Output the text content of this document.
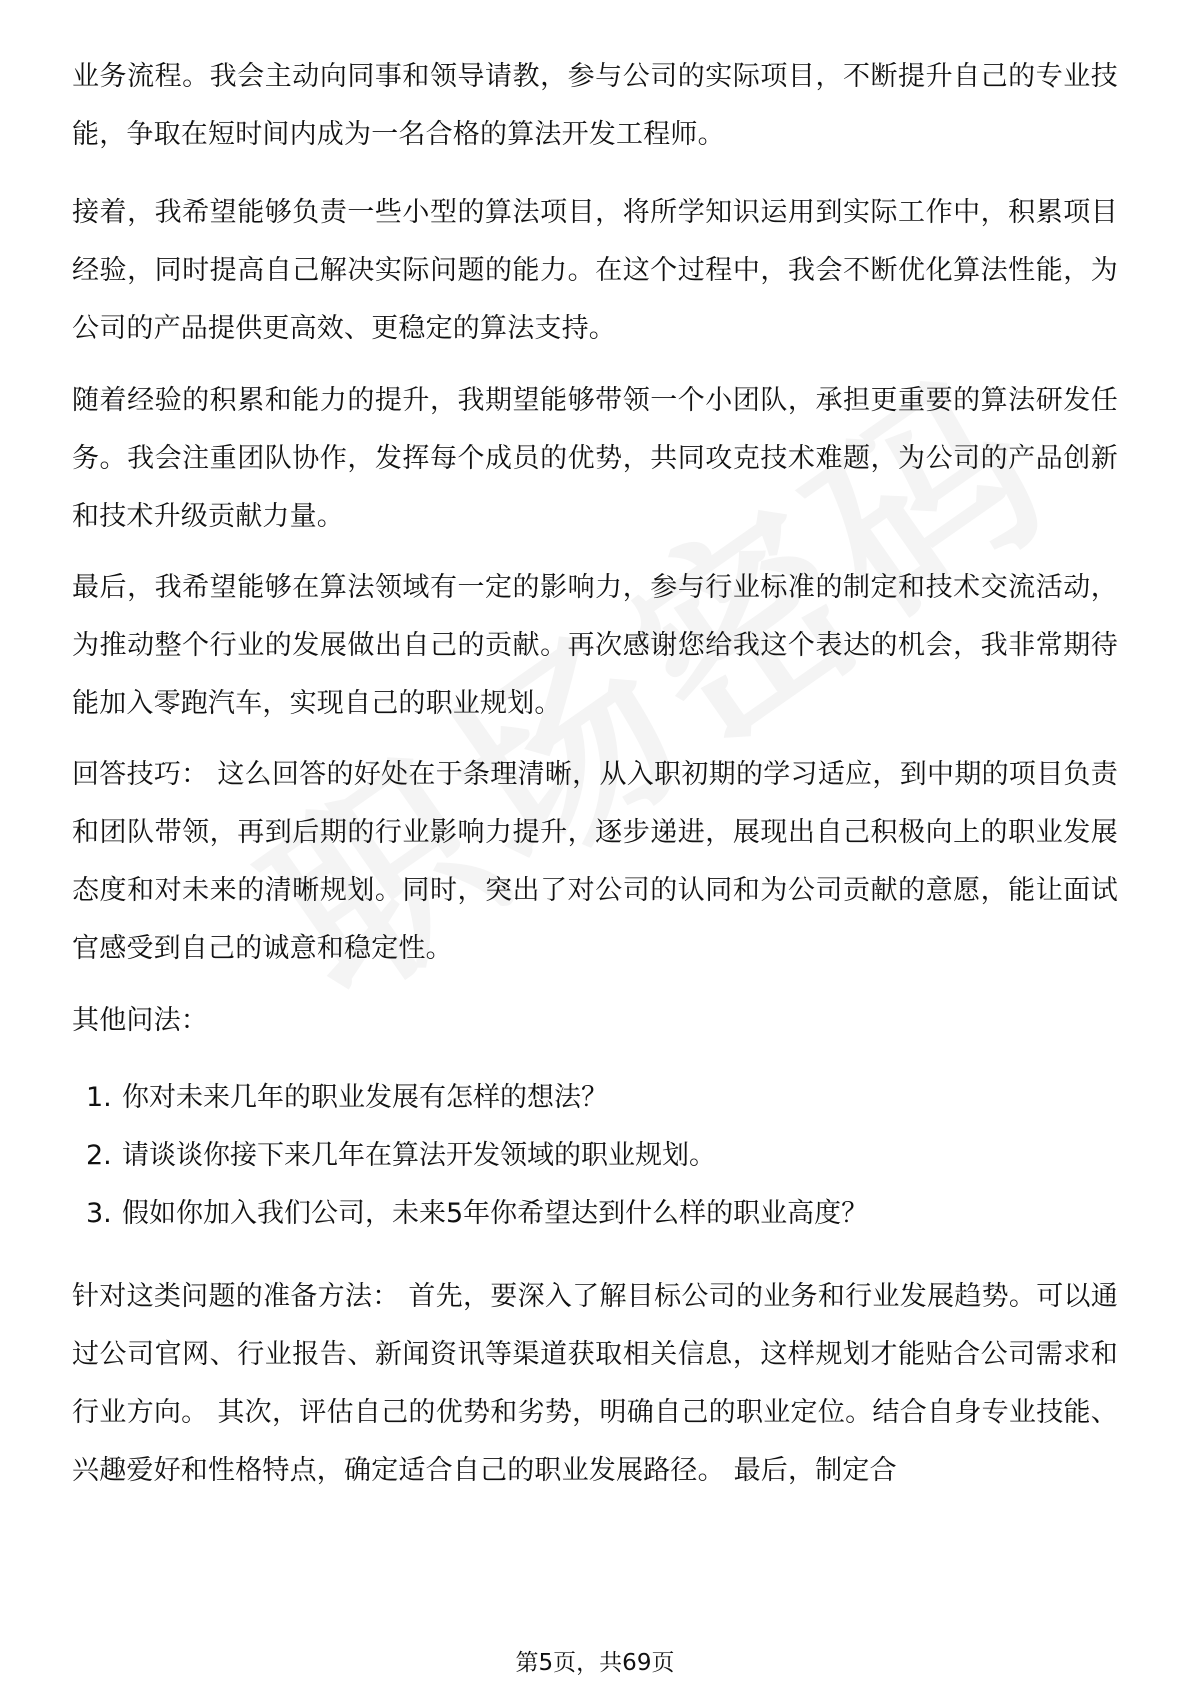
业务流程。我会主动向同事和领导请教，参与公司的实际项目，不断提升自己的专业技能，争取在短时间内成为一名合格的算法开发工程师。

接着，我希望能够负责一些小型的算法项目，将所学知识运用到实际工作中，积累项目经验，同时提高自己解决实际问题的能力。在这个过程中，我会不断优化算法性能，为公司的产品提供更高效、更稳定的算法支持。

随着经验的积累和能力的提升，我期望能够带领一个小团队，承担更重要的算法研发任务。我会注重团队协作，发挥每个成员的优势，共同攻克技术难题，为公司的产品创新和技术升级贡献力量。

最后，我希望能够在算法领域有一定的影响力，参与行业标准的制定和技术交流活动，为推动整个行业的发展做出自己的贡献。再次感谢您给我这个表达的机会，我非常期待能加入零跑汽车，实现自己的职业规划。

回答技巧： 这么回答的好处在于条理清晰，从入职初期的学习适应，到中期的项目负责和团队带领，再到后期的行业影响力提升，逐步递进，展现出自己积极向上的职业发展态度和对未来的清晰规划。同时，突出了对公司的认同和为公司贡献的意愿，能让面试官感受到自己的诚意和稳定性。

其他问法：

1. 你对未来几年的职业发展有怎样的想法？
2. 请谈谈你接下来几年在算法开发领域的职业规划。
3. 假如你加入我们公司，未来5年你希望达到什么样的职业高度？

针对这类问题的准备方法： 首先，要深入了解目标公司的业务和行业发展趋势。可以通过公司官网、行业报告、新闻资讯等渠道获取相关信息，这样规划才能贴合公司需求和行业方向。 其次，评估自己的优势和劣势，明确自己的职业定位。结合自身专业技能、兴趣爱好和性格特点，确定适合自己的职业发展路径。 最后，制定合

第5页，共69页
